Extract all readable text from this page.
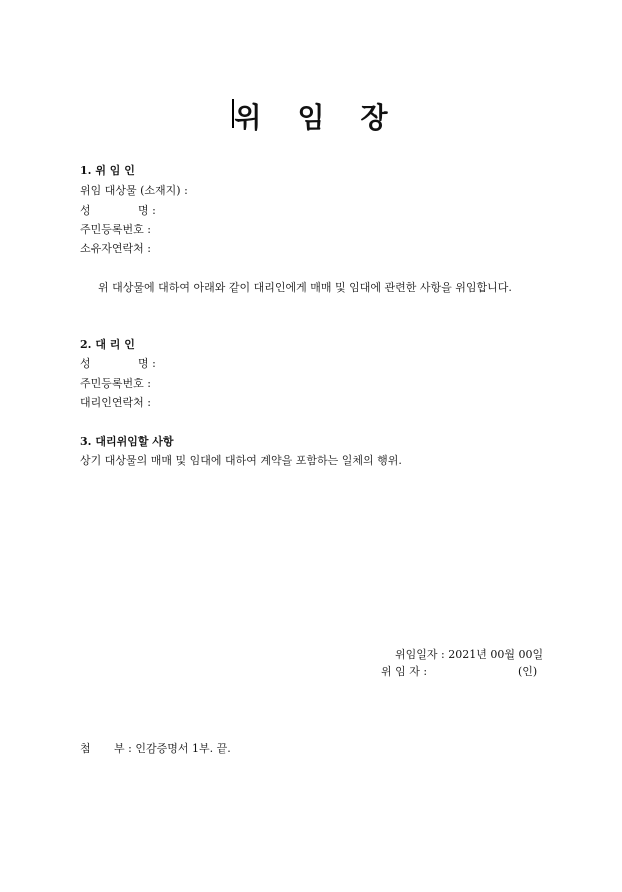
위 임 장
1. 위 임 인
위임 대상물 (소재지) :
성	명 :
주민등록번호 :
소유자연락처 :
위 대상물에 대하여 아래와 같이 대리인에게 매매 및 임대에 관련한 사항을 위임합니다.
2. 대 리 인
성	명 :
주민등록번호 :
대리인연락처 :
3. 대리위임할 사항
상기 대상물의 매매 및 임대에 대하여 계약을 포함하는 일체의 행위.
위임일자 : 2021년 00월 00일
위 임 자 :	(인)
첨 부 : 인감증명서 1부. 끝.
